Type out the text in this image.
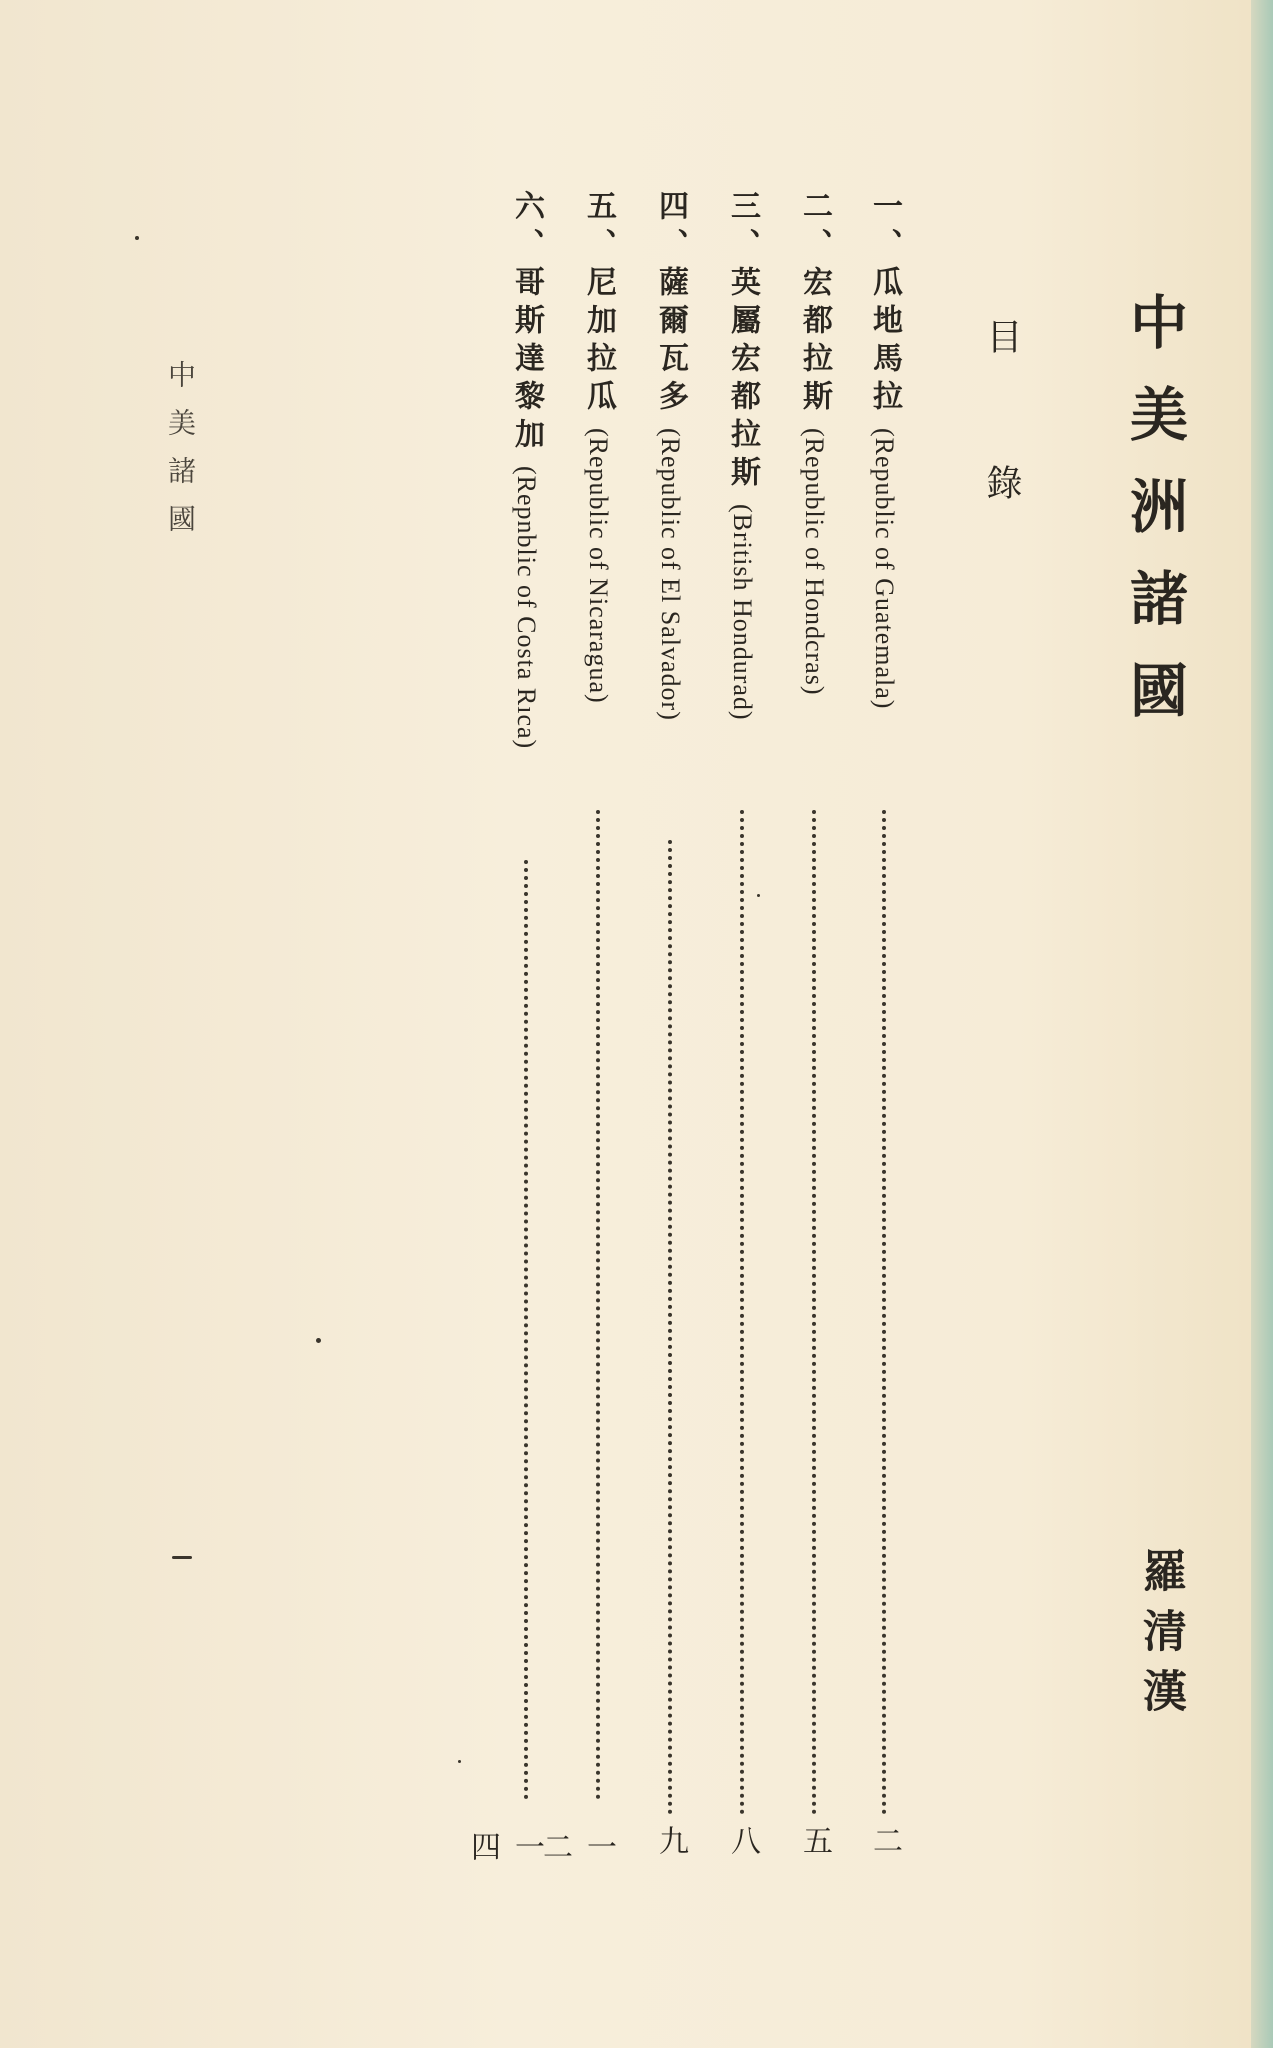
中美洲諸國
羅清漢
目錄
中美諸國
一、瓜地馬拉(Republic of Guatemala)
二
二、宏都拉斯(Republic of Hondcras)
五
三、英屬宏都拉斯(British Hondurad)
八
四、薩爾瓦多(Republic of El Salvador)
九
五、尼加拉瓜(Republic of Nicaragua)
一二
六、哥斯達黎加(Repnblic of Costa Rıca)
一四
